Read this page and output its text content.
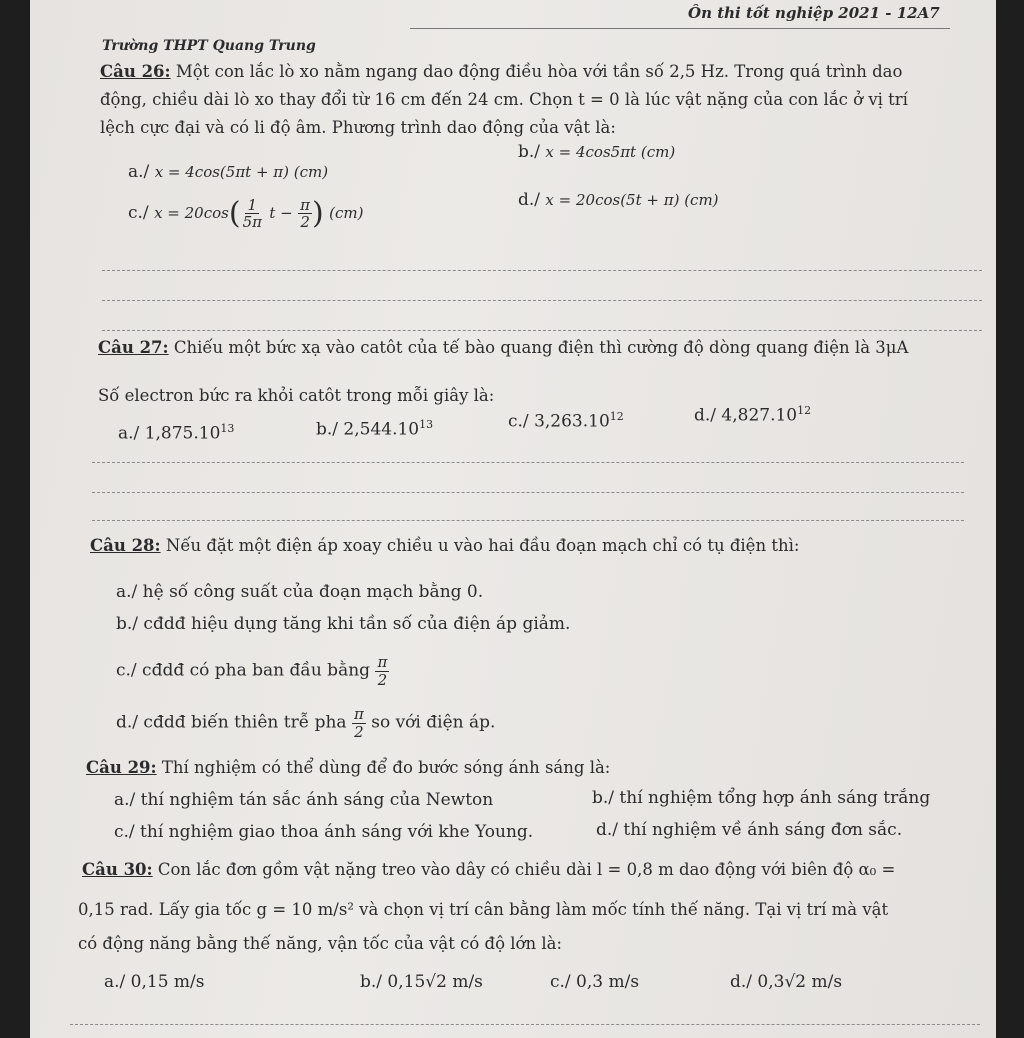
Ôn thi tốt nghiệp 2021 - 12A7
Trường THPT Quang Trung
Câu 26: Một con lắc lò xo nằm ngang dao động điều hòa với tần số 2,5 Hz. Trong quá trình dao
động, chiều dài lò xo thay đổi từ 16 cm đến 24 cm. Chọn t = 0 là lúc vật nặng của con lắc ở vị trí
lệch cực đại và có li độ âm. Phương trình dao động của vật là:
a./ x = 4cos(5πt + π) (cm)
b./ x = 4cos5πt (cm)
c./ $x = 20\cos( \frac{1}{5\pi}$ $t - \frac{\pi}{2}$ ) (cm)
d./ x = 20cos(5t + π) (cm)
Câu 27: Chiếu một bức xạ vào catôt của tế bào quang điện thì cường độ dòng quang điện là 3μA
Số electron bức ra khỏi catôt trong mỗi giây là:
a./ 1,875.10$^{13}$	b./ 2,544.10$^{13}$	c./ 3,263.10$^{12}$	d./ 4,827.10$^{12}$
Câu 28: Nếu đặt một điện áp xoay chiều u vào hai đầu đoạn mạch chỉ có tụ điện thì:
a./ hệ số công suất của đoạn mạch bằng 0.
b./ cđdđ hiệu dụng tăng khi tần số của điện áp giảm.
c./ cđdđ có pha ban đầu bằng $\frac{\pi}{2}$
d./ cđdđ biến thiên trễ pha $\frac{\pi}{2}$ so với điện áp.
Câu 29: Thí nghiệm có thể dùng để đo bước sóng ánh sáng là:
a./ thí nghiệm tán sắc ánh sáng của Newton	b./ thí nghiệm tổng hợp ánh sáng trắng
c./ thí nghiệm giao thoa ánh sáng với khe Young.	d./ thí nghiệm về ánh sáng đơn sắc.
Câu 30: Con lắc đơn gồm vật nặng treo vào dây có chiều dài l = 0,8 m dao động với biên độ α₀ =
0,15 rad. Lấy gia tốc g = 10 m/s² và chọn vị trí cân bằng làm mốc tính thế năng. Tại vị trí mà vật
có động năng bằng thế năng, vận tốc của vật có độ lớn là:
a./ 0,15 m/s	b./ 0,15√2 m/s	c./ 0,3 m/s	d./ 0,3√2 m/s
